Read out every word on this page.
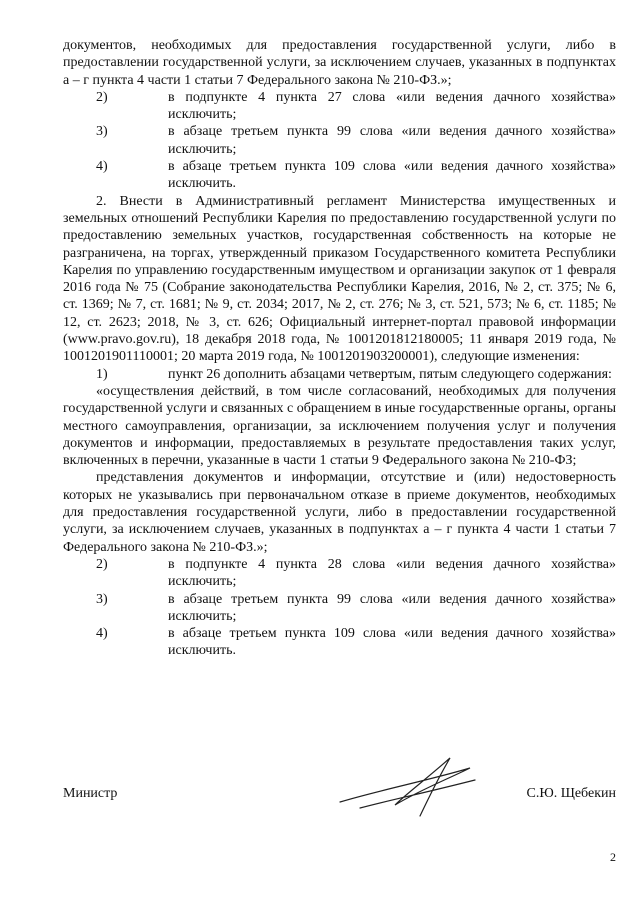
документов, необходимых для предоставления государственной услуги, либо в предоставлении государственной услуги, за исключением случаев, указанных в подпунктах а – г пункта 4 части 1 статьи 7 Федерального закона № 210-ФЗ.»;

2)	в подпункте 4 пункта 27 слова «или ведения дачного хозяйства» исключить;
3)	в абзаце третьем пункта 99 слова «или ведения дачного хозяйства» исключить;
4)	в абзаце третьем пункта 109 слова «или ведения дачного хозяйства» исключить.

2. Внести в Административный регламент Министерства имущественных и земельных отношений Республики Карелия по предоставлению государственной услуги по предоставлению земельных участков, государственная собственность на которые не разграничена, на торгах, утвержденный приказом Государственного комитета Республики Карелия по управлению государственным имуществом и организации закупок от 1 февраля 2016 года № 75 (Собрание законодательства Республики Карелия, 2016, № 2, ст. 375; № 6, ст. 1369; № 7, ст. 1681; № 9, ст. 2034; 2017, № 2, ст. 276; № 3, ст. 521, 573; № 6, ст. 1185; № 12, ст. 2623; 2018, № 3, ст. 626; Официальный интернет-портал правовой информации (www.pravo.gov.ru), 18 декабря 2018 года, № 1001201812180005; 11 января 2019 года, № 1001201901110001; 20 марта 2019 года, № 1001201903200001), следующие изменения:

1)	пункт 26 дополнить абзацами четвертым, пятым следующего содержания:

«осуществления действий, в том числе согласований, необходимых для получения государственной услуги и связанных с обращением в иные государственные органы, органы местного самоуправления, организации, за исключением получения услуг и получения документов и информации, предоставляемых в результате предоставления таких услуг, включенных в перечни, указанные в части 1 статьи 9 Федерального закона № 210-ФЗ;

представления документов и информации, отсутствие и (или) недостоверность которых не указывались при первоначальном отказе в приеме документов, необходимых для предоставления государственной услуги, либо в предоставлении государственной услуги, за исключением случаев, указанных в подпунктах а – г пункта 4 части 1 статьи 7 Федерального закона № 210-ФЗ.»;

2)	в подпункте 4 пункта 28 слова «или ведения дачного хозяйства» исключить;
3)	в абзаце третьем пункта 99 слова «или ведения дачного хозяйства» исключить;
4)	в абзаце третьем пункта 109 слова «или ведения дачного хозяйства» исключить.
Министр	С.Ю. Щебекин
2
